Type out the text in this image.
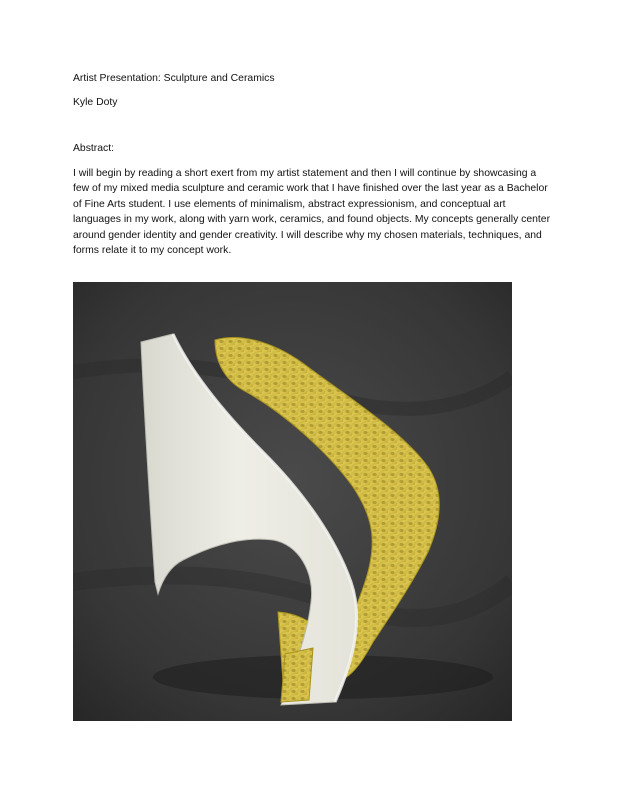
Artist Presentation: Sculpture and Ceramics
Kyle Doty
Abstract:
I will begin by reading a short exert from my artist statement and then I will continue by showcasing a
few of my mixed media sculpture and ceramic work that I have finished over the last year as a Bachelor
of Fine Arts student. I use elements of minimalism, abstract expressionism, and conceptual art
languages in my work, along with yarn work, ceramics, and found objects. My concepts generally center
around gender identity and gender creativity. I will describe why my chosen materials, techniques, and
forms relate it to my concept work.
